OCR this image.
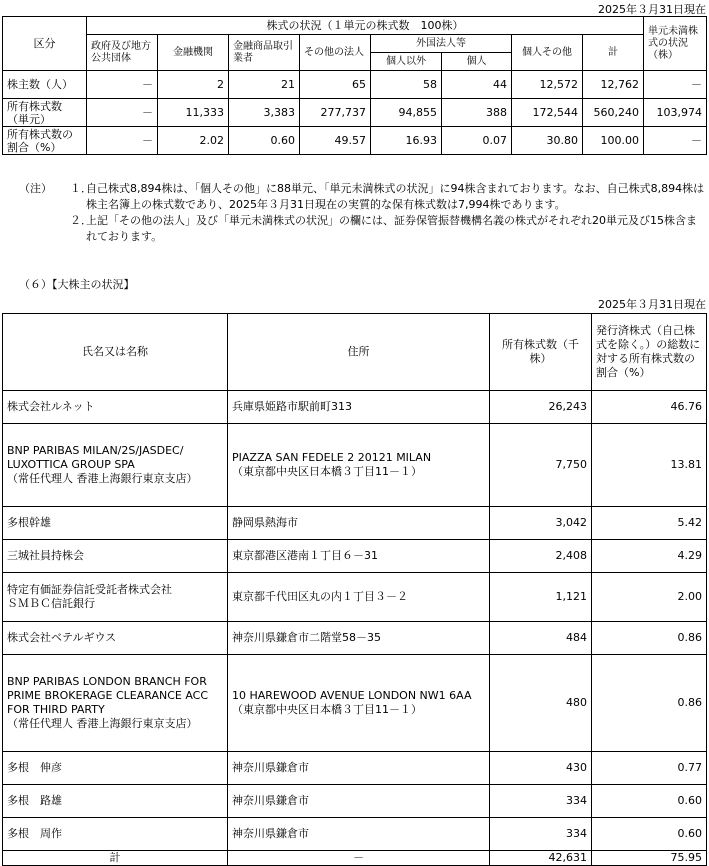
2025年３月31日現在
区分	株式の状況（１単元の株式数　100株）								単元未満株式の状況（株）
	政府及び地方公共団体	金融機関	金融商品取引業者	その他の法人	外国法人等		個人その他	計	
					個人以外	個人			
株主数（人）	－	2	21	65	58	44	12,572	12,762	－
所有株式数（単元）	－	11,333	3,383	277,737	94,855	388	172,544	560,240	103,974
所有株式数の割合（%）	－	2.02	0.60	49.57	16.93	0.07	30.80	100.00	－
（注） １．
自己株式8,894株は、「個人その他」に88単元、「単元未満株式の状況」に94株含まれております。なお、自己株式8,894株は株主名簿上の株式数であり、2025年３月31日現在の実質的な保有株式数は7,994株であります。
２．
上記「その他の法人」及び「単元未満株式の状況」の欄には、証券保管振替機構名義の株式がそれぞれ20単元及び15株含まれております。
（６）【大株主の状況】
2025年３月31日現在
氏名又は名称	住所	所有株式数（千株）	発行済株式（自己株式を除く。）の総数に対する所有株式数の割合（%）
株式会社ルネット	兵庫県姫路市駅前町313	26,243	46.76
BNP PARIBAS MILAN/2S/JASDEC/
LUXOTTICA GROUP SPA
（常任代理人 香港上海銀行東京支店）	PIAZZA SAN FEDELE 2 20121 MILAN
（東京都中央区日本橋３丁目11－１）	7,750	13.81
多根幹雄	静岡県熱海市	3,042	5.42
三城社員持株会	東京都港区港南１丁目６－31	2,408	4.29
特定有価証券信託受託者株式会社
ＳＭＢＣ信託銀行	東京都千代田区丸の内１丁目３－２	1,121	2.00
株式会社ベテルギウス	神奈川県鎌倉市二階堂58－35	484	0.86
BNP PARIBAS LONDON BRANCH FOR
PRIME BROKERAGE CLEARANCE ACC
FOR THIRD PARTY
（常任代理人 香港上海銀行東京支店）	10 HAREWOOD AVENUE LONDON NW1 6AA
（東京都中央区日本橋３丁目11－１）	480	0.86
多根　伸彦	神奈川県鎌倉市	430	0.77
多根　路雄	神奈川県鎌倉市	334	0.60
多根　周作	神奈川県鎌倉市	334	0.60
計	－	42,631	75.95
